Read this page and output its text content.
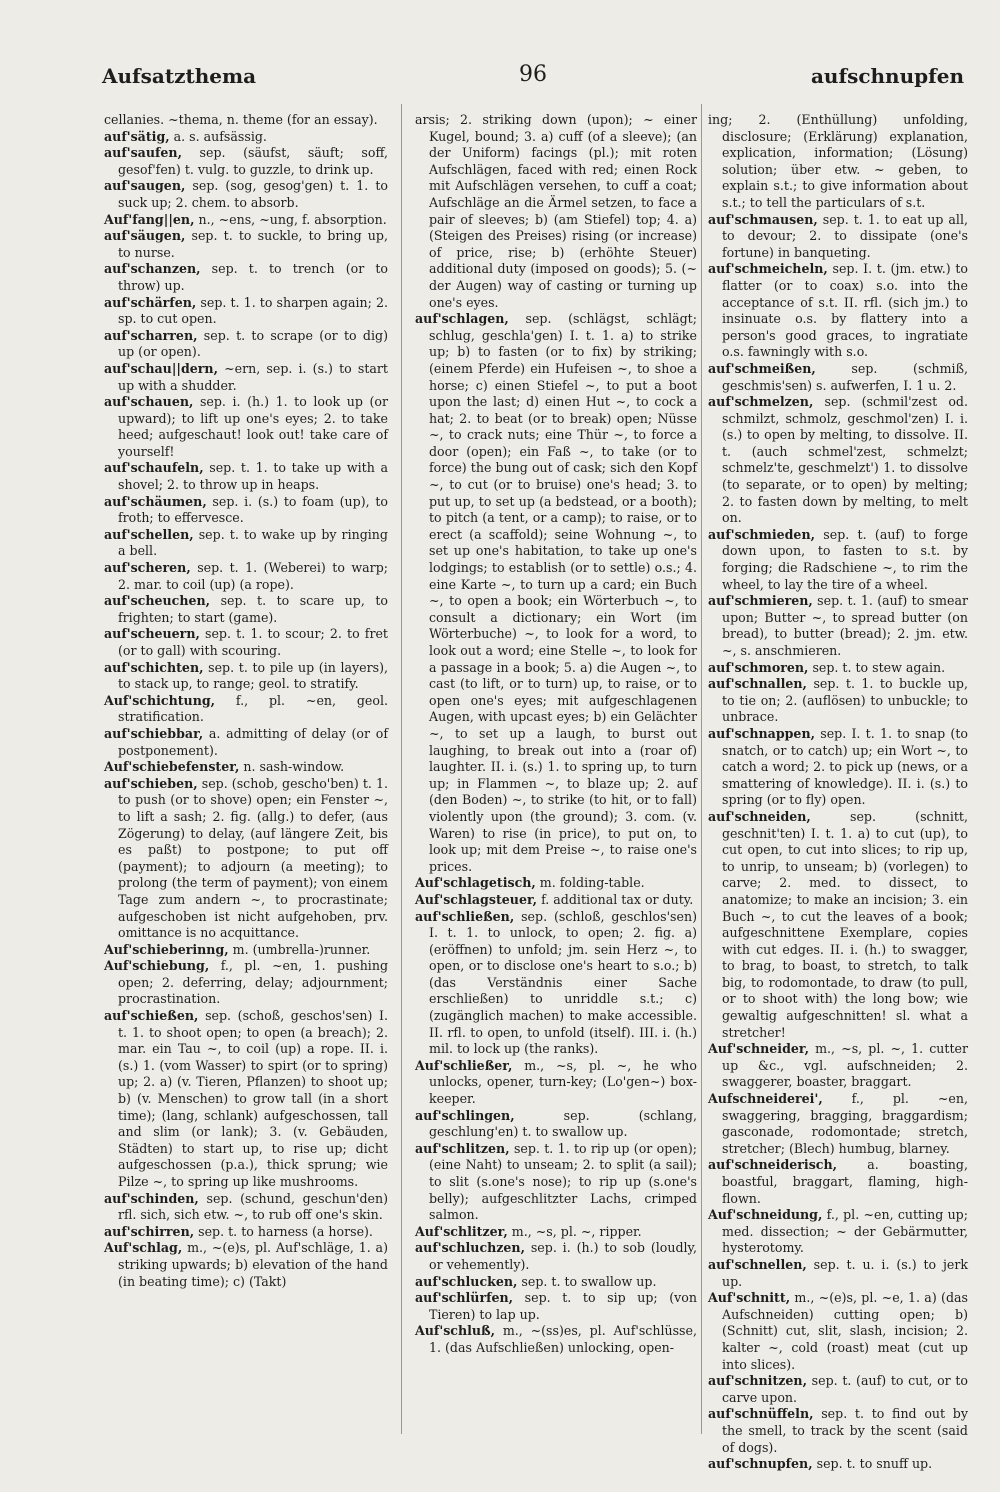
Aufsatzthema	96	aufschnupfen

cellanies. ~thema, n. theme (for an essay).

auf'sätig, a. s. aufsässig.

auf'saufen, sep. (säufst, säuft; soff, gesof'fen) t. vulg. to guzzle, to drink up.

auf'saugen, sep. (sog, gesog'gen) t. 1. to suck up; 2. chem. to absorb.

Auf'fang||en, n., ~ens, ~ung, f. absorption.

auf'säugen, sep. t. to suckle, to bring up, to nurse.

auf'schanzen, sep. t. to trench (or to throw) up.

auf'schärfen, sep. t. 1. to sharpen again; 2. sp. to cut open.

auf'scharren, sep. t. to scrape (or to dig) up (or open).

auf'schau||dern, ~ern, sep. i. (s.) to start up with a shudder.

auf'schauen, sep. i. (h.) 1. to look up (or upward); to lift up one's eyes; 2. to take heed; aufgeschaut! look out! take care of yourself!

auf'schaufeln, sep. t. 1. to take up with a shovel; 2. to throw up in heaps.

auf'schäumen, sep. i. (s.) to foam (up), to froth; to effervesce.

auf'schellen, sep. t. to wake up by ringing a bell.

auf'scheren, sep. t. 1. (Weberei) to warp; 2. mar. to coil (up) (a rope).

auf'scheuchen, sep. t. to scare up, to frighten; to start (game).

auf'scheuern, sep. t. 1. to scour; 2. to fret (or to gall) with scouring.

auf'schichten, sep. t. to pile up (in layers), to stack up, to range; geol. to stratify.

Auf'schichtung, f., pl. ~en, geol. stratification.

auf'schiebbar, a. admitting of delay (or of postponement).

Auf'schiebefenster, n. sash-window.

auf'schieben, sep. (schob, gescho'ben) t. 1. to push (or to shove) open; ein Fenster ~, to lift a sash; 2. fig. (allg.) to defer, (aus Zögerung) to delay, (auf längere Zeit, bis es paßt) to postpone; to put off (payment); to adjourn (a meeting); to prolong (the term of payment); von einem Tage zum andern ~, to procrastinate; aufgeschoben ist nicht aufgehoben, prv. omittance is no acquittance.

Auf'schieberinng, m. (umbrella-)runner.

Auf'schiebung, f., pl. ~en, 1. pushing open; 2. deferring, delay; adjournment; procrastination.

auf'schießen, sep. (schoß, geschos'sen) I. t. 1. to shoot open; to open (a breach); 2. mar. ein Tau ~, to coil (up) a rope. II. i. (s.) 1. (vom Wasser) to spirt (or to spring) up; 2. a) (v. Tieren, Pflanzen) to shoot up; b) (v. Menschen) to grow tall (in a short time); (lang, schlank) aufgeschossen, tall and slim (or lank); 3. (v. Gebäuden, Städten) to start up, to rise up; dicht aufgeschossen (p.a.), thick sprung; wie Pilze ~, to spring up like mushrooms.

auf'schinden, sep. (schund, geschun'den) rfl. sich, sich etw. ~, to rub off one's skin.

auf'schirren, sep. t. to harness (a horse).

Auf'schlag, m., ~(e)s, pl. Auf'schläge, 1. a) striking upwards; b) elevation of the hand (in beating time); c) (Takt)

arsis; 2. striking down (upon); ~ einer Kugel, bound; 3. a) cuff (of a sleeve); (an der Uniform) facings (pl.); mit roten Aufschlägen, faced with red; einen Rock mit Aufschlägen versehen, to cuff a coat; Aufschläge an die Ärmel setzen, to face a pair of sleeves; b) (am Stiefel) top; 4. a) (Steigen des Preises) rising (or increase) of price, rise; b) (erhöhte Steuer) additional duty (imposed on goods); 5. (~ der Augen) way of casting or turning up one's eyes.

auf'schlagen, sep. (schlägst, schlägt; schlug, geschla'gen) I. t. 1. a) to strike up; b) to fasten (or to fix) by striking; (einem Pferde) ein Hufeisen ~, to shoe a horse; c) einen Stiefel ~, to put a boot upon the last; d) einen Hut ~, to cock a hat; 2. to beat (or to break) open; Nüsse ~, to crack nuts; eine Thür ~, to force a door (open); ein Faß ~, to take (or to force) the bung out of cask; sich den Kopf ~, to cut (or to bruise) one's head; 3. to put up, to set up (a bedstead, or a booth); to pitch (a tent, or a camp); to raise, or to erect (a scaffold); seine Wohnung ~, to set up one's habitation, to take up one's lodgings; to establish (or to settle) o.s.; 4. eine Karte ~, to turn up a card; ein Buch ~, to open a book; ein Wörterbuch ~, to consult a dictionary; ein Wort (im Wörterbuche) ~, to look for a word, to look out a word; eine Stelle ~, to look for a passage in a book; 5. a) die Augen ~, to cast (to lift, or to turn) up, to raise, or to open one's eyes; mit aufgeschlagenen Augen, with upcast eyes; b) ein Gelächter ~, to set up a laugh, to burst out laughing, to break out into a (roar of) laughter. II. i. (s.) 1. to spring up, to turn up; in Flammen ~, to blaze up; 2. auf (den Boden) ~, to strike (to hit, or to fall) violently upon (the ground); 3. com. (v. Waren) to rise (in price), to put on, to look up; mit dem Preise ~, to raise one's prices.

Auf'schlagetisch, m. folding-table.

Auf'schlagsteuer, f. additional tax or duty.

auf'schließen, sep. (schloß, geschlos'sen) I. t. 1. to unlock, to open; 2. fig. a) (eröffnen) to unfold; jm. sein Herz ~, to open, or to disclose one's heart to s.o.; b) (das Verständnis einer Sache erschließen) to unriddle s.t.; c) (zugänglich machen) to make accessible. II. rfl. to open, to unfold (itself). III. i. (h.) mil. to lock up (the ranks).

Auf'schließer, m., ~s, pl. ~, he who unlocks, opener, turn-key; (Lo'gen~) box-keeper.

auf'schlingen,	sep. (schlang, geschlung'en) t. to swallow up.

auf'schlitzen, sep. t. 1. to rip up (or open); (eine Naht) to unseam; 2. to split (a sail); to slit (s.one's nose); to rip up (s.one's belly); aufgeschlitzter Lachs, crimped salmon.

Auf'schlitzer, m., ~s, pl. ~, ripper.

auf'schluchzen, sep. i. (h.) to sob (loudly, or vehemently).

auf'schlucken, sep. t. to swallow up.

auf'schlürfen, sep. t. to sip up; (von Tieren) to lap up.

Auf'schluß, m., ~(ss)es, pl. Auf'schlüsse, 1. (das Aufschließen) unlocking, open-

ing; 2. (Enthüllung) unfolding, disclosure; (Erklärung) explanation, explication, information; (Lösung) solution; über etw. ~ geben, to explain s.t.; to give information about s.t.; to tell the particulars of s.t.

auf'schmausen, sep. t. 1. to eat up all, to devour; 2. to dissipate (one's fortune) in banqueting.

auf'schmeicheln, sep. I. t. (jm. etw.) to flatter (or to coax) s.o. into the acceptance of s.t. II. rfl. (sich jm.) to insinuate o.s. by flattery into a person's good graces, to ingratiate o.s. fawningly with s.o.

auf'schmeißen,	sep. (schmiß, geschmis'sen) s. aufwerfen, I. 1 u. 2.

auf'schmelzen, sep. (schmil'zest od. schmilzt, schmolz, geschmol'zen) I. i. (s.) to open by melting, to dissolve. II. t. (auch schmel'zest, schmelzt; schmelz'te, geschmelzt') 1. to dissolve (to separate, or to open) by melting; 2. to fasten down by melting, to melt on.

auf'schmieden, sep. t. (auf) to forge down upon, to fasten to s.t. by forging; die Radschiene ~, to rim the wheel, to lay the tire of a wheel.

auf'schmieren, sep. t. 1. (auf) to smear upon; Butter ~, to spread butter (on bread), to butter (bread); 2. jm. etw. ~, s. anschmieren.

auf'schmoren, sep. t. to stew again.

auf'schnallen, sep. t. 1. to buckle up, to tie on; 2. (auflösen) to unbuckle; to unbrace.

auf'schnappen, sep. I. t. 1. to snap (to snatch, or to catch) up; ein Wort ~, to catch a word; 2. to pick up (news, or a smattering of knowledge). II. i. (s.) to spring (or to fly) open.

auf'schneiden,	sep. (schnitt, geschnit'ten) I. t. 1. a) to cut (up), to cut open, to cut into slices; to rip up, to unrip, to unseam; b) (vorlegen) to carve; 2. med. to dissect, to anatomize; to make an incision; 3. ein Buch ~, to cut the leaves of a book; aufgeschnittene Exemplare, copies with cut edges. II. i. (h.) to swagger, to brag, to boast, to stretch, to talk big, to rodomontade, to draw (to pull, or to shoot with) the long bow; wie gewaltig aufgeschnitten! sl. what a stretcher!

Auf'schneider, m., ~s, pl. ~, 1. cutter up &c., vgl. aufschneiden; 2. swaggerer, boaster, braggart.

Aufschneiderei', f., pl. ~en, swaggering, bragging, braggardism; gasconade, rodomontade; stretch, stretcher; (Blech) humbug, blarney.

auf'schneiderisch, a. boasting, boastful, braggart, flaming, high-flown.

Auf'schneidung, f., pl. ~en, cutting up; med. dissection; ~ der Gebärmutter, hysterotomy.

auf'schnellen, sep. t. u. i. (s.) to jerk up.

Auf'schnitt, m., ~(e)s, pl. ~e, 1. a) (das Aufschneiden) cutting open; b) (Schnitt) cut, slit, slash, incision; 2. kalter ~, cold (roast) meat (cut up into slices).

auf'schnitzen, sep. t. (auf) to cut, or to carve upon.

auf'schnüffeln, sep. t. to find out by the smell, to track by the scent (said of dogs).

auf'schnupfen, sep. t. to snuff up.
